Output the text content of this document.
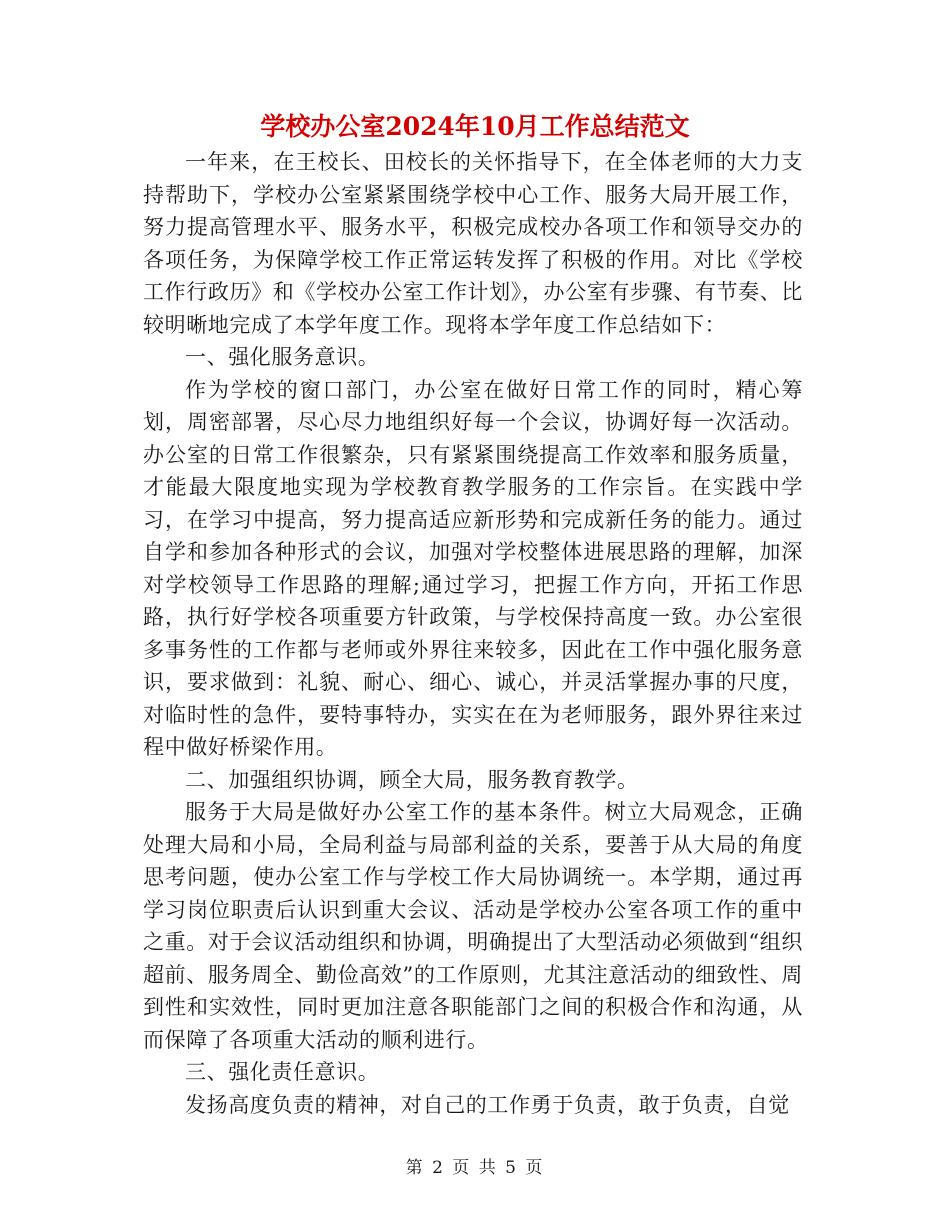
学校办公室2024年10月工作总结范文

一年来，在王校长、田校长的关怀指导下，在全体老师的大力支持帮助下，学校办公室紧紧围绕学校中心工作、服务大局开展工作，努力提高管理水平、服务水平，积极完成校办各项工作和领导交办的各项任务，为保障学校工作正常运转发挥了积极的作用。对比《学校工作行政历》和《学校办公室工作计划》，办公室有步骤、有节奏、比较明晰地完成了本学年度工作。现将本学年度工作总结如下：

一、强化服务意识。

作为学校的窗口部门，办公室在做好日常工作的同时，精心筹划，周密部署，尽心尽力地组织好每一个会议，协调好每一次活动。办公室的日常工作很繁杂，只有紧紧围绕提高工作效率和服务质量，才能最大限度地实现为学校教育教学服务的工作宗旨。在实践中学习，在学习中提高，努力提高适应新形势和完成新任务的能力。通过自学和参加各种形式的会议，加强对学校整体进展思路的理解，加深对学校领导工作思路的理解;通过学习，把握工作方向，开拓工作思路，执行好学校各项重要方针政策，与学校保持高度一致。办公室很多事务性的工作都与老师或外界往来较多，因此在工作中强化服务意识，要求做到：礼貌、耐心、细心、诚心，并灵活掌握办事的尺度，对临时性的急件，要特事特办，实实在在为老师服务，跟外界往来过程中做好桥梁作用。

二、加强组织协调，顾全大局，服务教育教学。

服务于大局是做好办公室工作的基本条件。树立大局观念，正确处理大局和小局，全局利益与局部利益的关系，要善于从大局的角度思考问题，使办公室工作与学校工作大局协调统一。本学期，通过再学习岗位职责后认识到重大会议、活动是学校办公室各项工作的重中之重。对于会议活动组织和协调，明确提出了大型活动必须做到“组织超前、服务周全、勤俭高效”的工作原则，尤其注意活动的细致性、周到性和实效性，同时更加注意各职能部门之间的积极合作和沟通，从而保障了各项重大活动的顺利进行。

三、强化责任意识。

发扬高度负责的精神，对自己的工作勇于负责，敢于负责，自觉

第 2 页 共 5 页
